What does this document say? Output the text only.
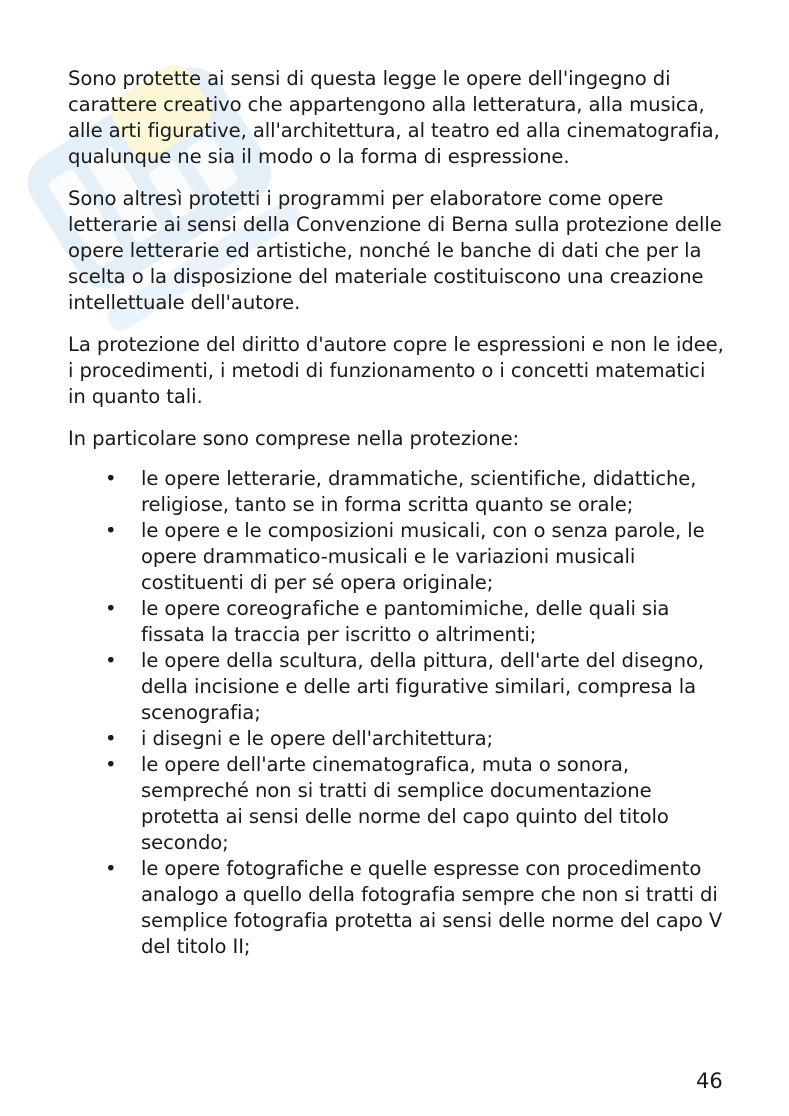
Sono protette ai sensi di questa legge le opere dell'ingegno di carattere creativo che appartengono alla letteratura, alla musica, alle arti figurative, all'architettura, al teatro ed alla cinematografia, qualunque ne sia il modo o la forma di espressione.

Sono altresì protetti i programmi per elaboratore come opere letterarie ai sensi della Convenzione di Berna sulla protezione delle opere letterarie ed artistiche, nonché le banche di dati che per la scelta o la disposizione del materiale costituiscono una creazione intellettuale dell'autore.

La protezione del diritto d'autore copre le espressioni e non le idee, i procedimenti, i metodi di funzionamento o i concetti matematici in quanto tali.

In particolare sono comprese nella protezione:

• le opere letterarie, drammatiche, scientifiche, didattiche, religiose, tanto se in forma scritta quanto se orale;
• le opere e le composizioni musicali, con o senza parole, le opere drammatico-musicali e le variazioni musicali costituenti di per sé opera originale;
• le opere coreografiche e pantomimiche, delle quali sia fissata la traccia per iscritto o altrimenti;
• le opere della scultura, della pittura, dell'arte del disegno, della incisione e delle arti figurative similari, compresa la scenografia;
• i disegni e le opere dell'architettura;
• le opere dell'arte cinematografica, muta o sonora, sempreché non si tratti di semplice documentazione protetta ai sensi delle norme del capo quinto del titolo secondo;
• le opere fotografiche e quelle espresse con procedimento analogo a quello della fotografia sempre che non si tratti di semplice fotografia protetta ai sensi delle norme del capo V del titolo II;
46
